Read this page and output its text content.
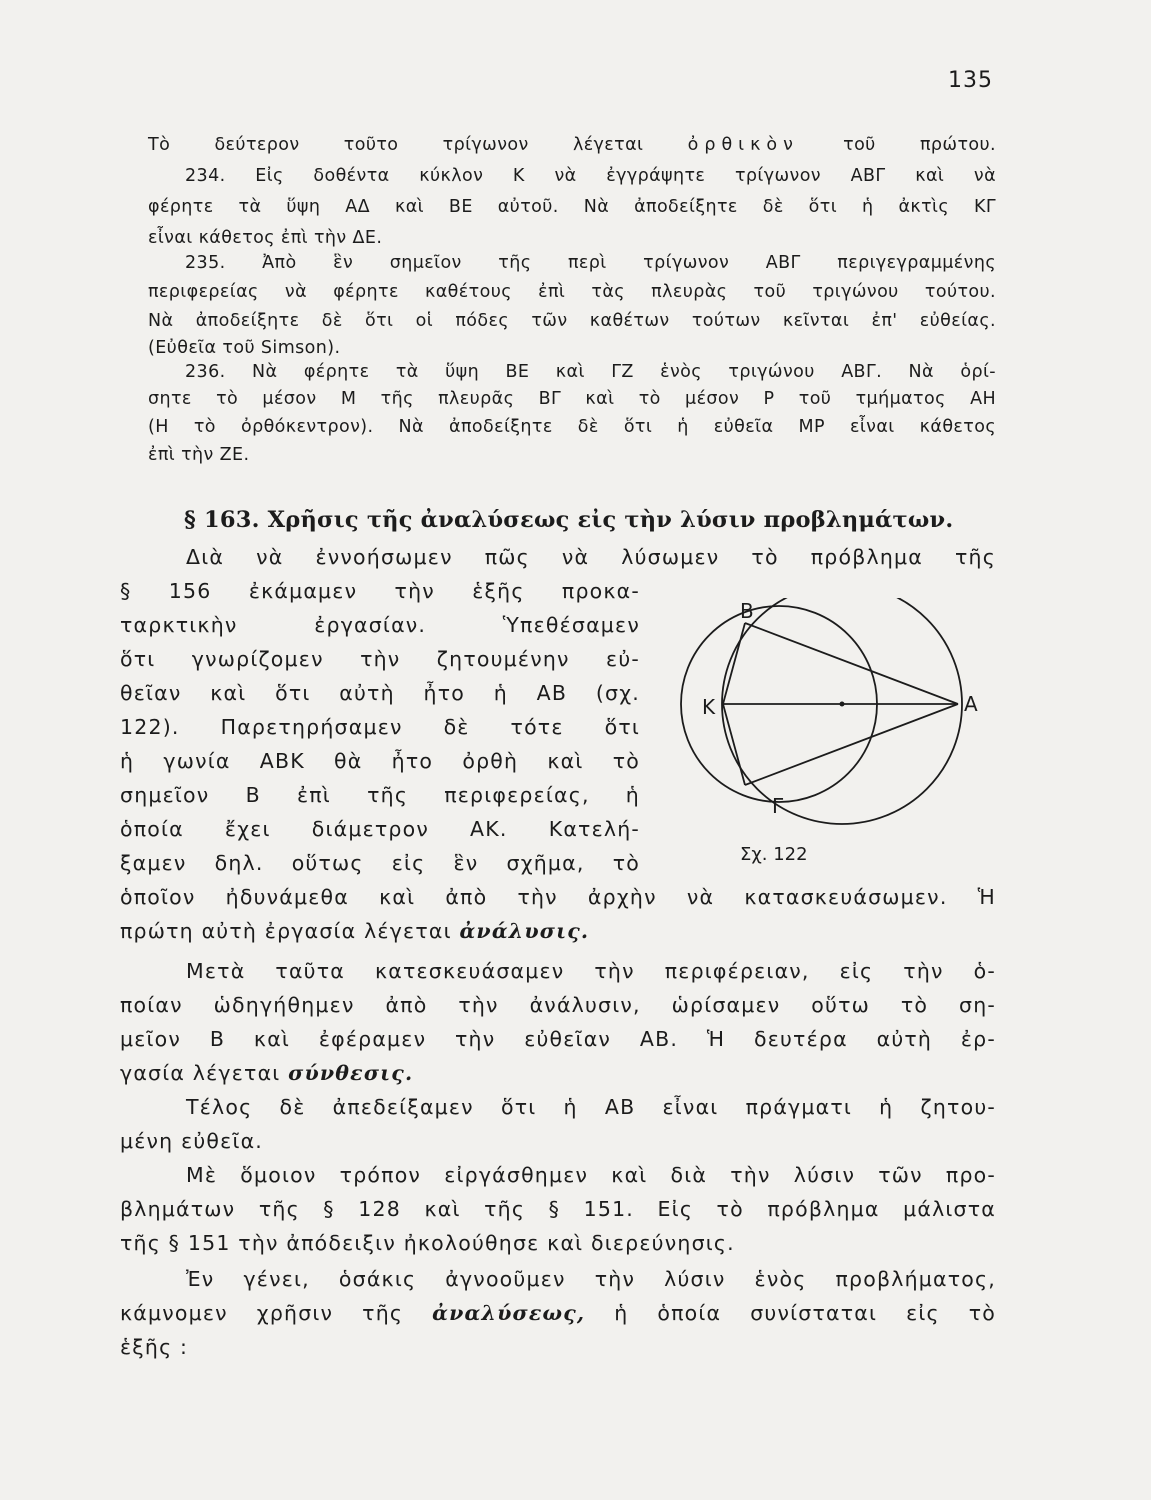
135
Τὸ δεύτερον τοῦτο τρίγωνον λέγεται ὀρθικὸν τοῦ πρώτου.
234. Εἰς δοθέντα κύκλον Κ νὰ ἐγγράψητε τρίγωνον ΑΒΓ καὶ νὰ
φέρητε τὰ ὕψη ΑΔ καὶ ΒΕ αὐτοῦ. Νὰ ἀποδείξητε δὲ ὅτι ἡ ἀκτὶς ΚΓ
εἶναι κάθετος ἐπὶ τὴν ΔΕ.
235. Ἀπὸ ἓν σημεῖον τῆς περὶ τρίγωνον ΑΒΓ περιγεγραμμένης
περιφερείας νὰ φέρητε καθέτους ἐπὶ τὰς πλευρὰς τοῦ τριγώνου τούτου.
Νὰ ἀποδείξητε δὲ ὅτι οἱ πόδες τῶν καθέτων τούτων κεῖνται ἐπ' εὐθείας.
(Εὐθεῖα τοῦ Simson).
236. Νὰ φέρητε τὰ ὕψη ΒΕ καὶ ΓΖ ἑνὸς τριγώνου ΑΒΓ. Νὰ ὁρί-
σητε τὸ μέσον Μ τῆς πλευρᾶς ΒΓ καὶ τὸ μέσον Ρ τοῦ τμήματος ΑΗ
(Η τὸ ὀρθόκεντρον). Νὰ ἀποδείξητε δὲ ὅτι ἡ εὐθεῖα ΜΡ εἶναι κάθετος
ἐπὶ τὴν ΖΕ.
§ 163. Χρῆσις τῆς ἀναλύσεως εἰς τὴν λύσιν προβλημάτων.
Διὰ νὰ ἐννοήσωμεν πῶς νὰ λύσωμεν τὸ πρόβλημα τῆς
§ 156 ἐκάμαμεν τὴν ἑξῆς προκα-
ταρκτικὴν ἐργασίαν. Ὑπεθέσαμεν
ὅτι γνωρίζομεν τὴν ζητουμένην εὐ-
θεῖαν καὶ ὅτι αὐτὴ ἦτο ἡ ΑΒ (σχ.
122). Παρετηρήσαμεν δὲ τότε ὅτι
ἡ γωνία ΑΒΚ θὰ ἦτο ὀρθὴ καὶ τὸ
σημεῖον Β ἐπὶ τῆς περιφερείας, ἡ
ὁποία ἔχει διάμετρον ΑΚ. Κατελή-
ξαμεν δηλ. οὕτως εἰς ἓν σχῆμα, τὸ
ὁποῖον ἠδυνάμεθα καὶ ἀπὸ τὴν ἀρχὴν νὰ κατασκευάσωμεν. Ἡ
πρώτη αὐτὴ ἐργασία λέγεται ἀνάλυσις.
Μετὰ ταῦτα κατεσκευάσαμεν τὴν περιφέρειαν, εἰς τὴν ὁ-
ποίαν ὡδηγήθημεν ἀπὸ τὴν ἀνάλυσιν, ὡρίσαμεν οὕτω τὸ ση-
μεῖον Β καὶ ἐφέραμεν τὴν εὐθεῖαν ΑΒ. Ἡ δευτέρα αὐτὴ ἐρ-
γασία λέγεται σύνθεσις.
Τέλος δὲ ἀπεδείξαμεν ὅτι ἡ ΑΒ εἶναι πράγματι ἡ ζητου-
μένη εὐθεῖα.
Μὲ ὅμοιον τρόπον εἰργάσθημεν καὶ διὰ τὴν λύσιν τῶν προ-
βλημάτων τῆς § 128 καὶ τῆς § 151. Εἰς τὸ πρόβλημα μάλιστα
τῆς § 151 τὴν ἀπόδειξιν ἠκολούθησε καὶ διερεύνησις.
Ἐν γένει, ὁσάκις ἀγνοοῦμεν τὴν λύσιν ἑνὸς προβλήματος,
κάμνομεν χρῆσιν τῆς ἀναλύσεως, ἡ ὁποία συνίσταται εἰς τὸ
ἑξῆς :
Β
Α
Κ
Γ
Σχ. 122
